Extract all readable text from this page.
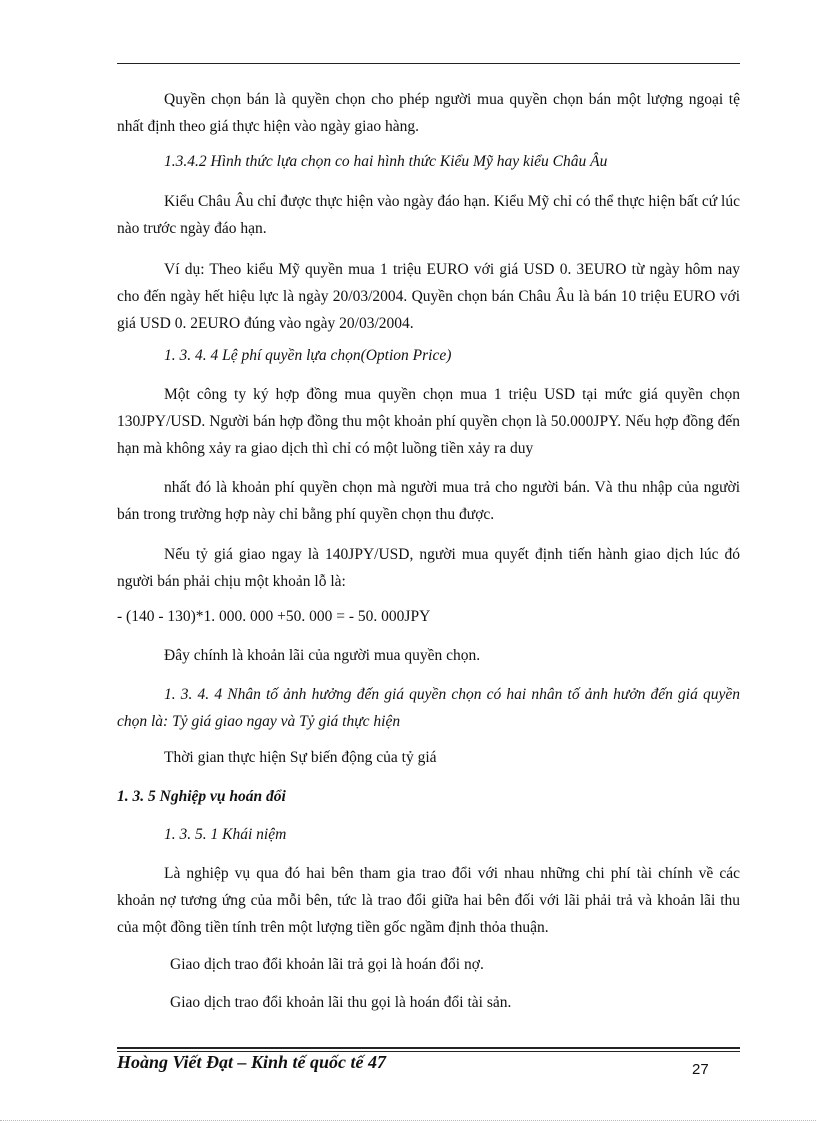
Quyền chọn bán là quyền chọn cho phép người mua quyền chọn bán một lượng ngoại tệ nhất định theo giá thực hiện vào ngày giao hàng.

1.3.4.2 Hình thức lựa chọn co hai hình thức Kiểu Mỹ hay kiểu Châu Âu

Kiểu Châu Âu chỉ được thực hiện vào ngày đáo hạn. Kiểu Mỹ chỉ có thể thực hiện bất cứ lúc nào trước ngày đáo hạn.

Ví dụ: Theo kiểu Mỹ quyền mua 1 triệu EURO với giá USD 0. 3EURO từ ngày hôm nay cho đến ngày hết hiệu lực là ngày 20/03/2004. Quyền chọn bán Châu Âu là bán 10 triệu EURO với giá USD 0. 2EURO đúng vào ngày 20/03/2004.

1. 3. 4. 4 Lệ phí quyền lựa chọn(Option Price)

Một công ty ký hợp đồng mua quyền chọn mua 1 triệu USD tại mức giá quyền chọn 130JPY/USD. Người bán hợp đồng thu một khoản phí quyền chọn là 50.000JPY. Nếu hợp đồng đến hạn mà không xảy ra giao dịch thì chỉ có một luồng tiền xảy ra duy

nhất đó là khoản phí quyền chọn mà người mua trả cho người bán. Và thu nhập của người bán trong trường hợp này chỉ bằng phí quyền chọn thu được.

Nếu tỷ giá giao ngay là 140JPY/USD, người mua quyết định tiến hành giao dịch lúc đó người bán phải chịu một khoản lỗ là:

- (140 - 130)*1. 000. 000 +50. 000 = - 50. 000JPY

Đây chính là khoản lãi của người mua quyền chọn.

1. 3. 4. 4 Nhân tố ảnh hưởng đến giá quyền chọn có hai nhân tố ảnh hưởn đến giá quyền chọn là: Tỷ giá giao ngay và Tỷ giá thực hiện

Thời gian thực hiện Sự biến động của tỷ giá

1. 3. 5 Nghiệp vụ hoán đổi

1. 3. 5. 1 Khái niệm

Là nghiệp vụ qua đó hai bên tham gia trao đổi với nhau những chi phí tài chính về các khoản nợ tương ứng của mỗi bên, tức là trao đổi giữa hai bên đối với lãi phải trả và khoản lãi thu của một đồng tiền tính trên một lượng tiền gốc ngầm định thỏa thuận.

Giao dịch trao đổi khoản lãi trả gọi là hoán đổi nợ.

Giao dịch trao đổi khoản lãi thu gọi là hoán đổi tài sản.

Hoàng Viết Đạt – Kinh tế quốc tế 47	27
